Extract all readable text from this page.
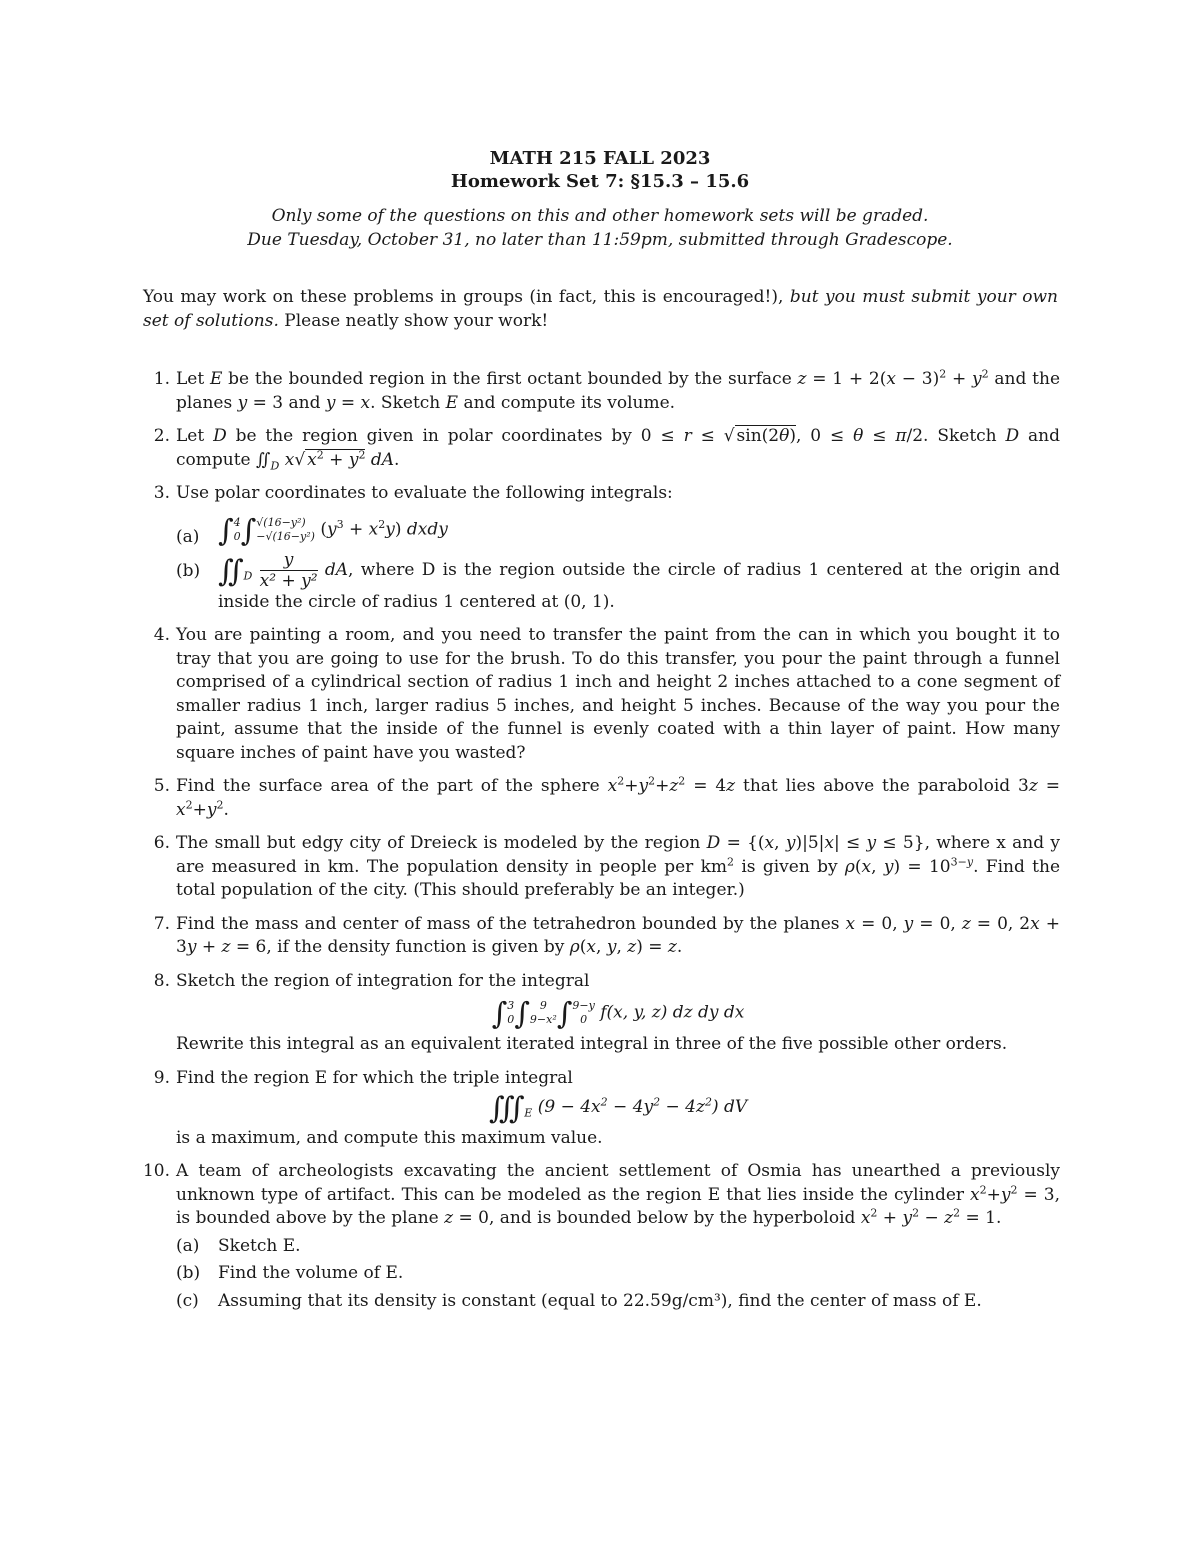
MATH 215 FALL 2023
Homework Set 7: §15.3 – 15.6
Only some of the questions on this and other homework sets will be graded.
Due Tuesday, October 31, no later than 11:59pm, submitted through Gradescope.
You may work on these problems in groups (in fact, this is encouraged!), but you must submit your own set of solutions. Please neatly show your work!
1. Let E be the bounded region in the first octant bounded by the surface $z = 1 + 2(x - 3)^2 + y^2$ and the planes y = 3 and y = x. Sketch E and compute its volume.
2. Let D be the region given in polar coordinates by 0 ≤ r ≤ √ sin(2θ), 0 ≤ θ ≤ π/2. Sketch D and compute $∬_D$ x√ $x^2 + y^2$ dA.
3. Use polar coordinates to evaluate the following integrals:
(a) ∫4
0∫√(16−y²)
−√(16−y²) $(y^3 + x^2y)$ dxdy
(b) $∬_D \frac{y}{\text{x² + y²}}$ dA, where D is the region outside the circle of radius 1 centered at the origin and inside the circle of radius 1 centered at (0, 1).
4. You are painting a room, and you need to transfer the paint from the can in which you bought it to tray that you are going to use for the brush. To do this transfer, you pour the paint through a funnel comprised of a cylindrical section of radius 1 inch and height 2 inches attached to a cone segment of smaller radius 1 inch, larger radius 5 inches, and height 5 inches. Because of the way you pour the paint, assume that the inside of the funnel is evenly coated with a thin layer of paint. How many square inches of paint have you wasted?
5. Find the surface area of the part of the sphere $x^2+y^2+z^2 = 4z$ that lies above the paraboloid $3z = x^2+y^2$.
6. The small but edgy city of Dreieck is modeled by the region D = {(x, y)|5|x| ≤ y ≤ 5}, where x and y are measured in km. The population density in people per $km^2$ is given by ρ(x, $y) = 10^{3-y}$. Find the total population of the city. (This should preferably be an integer.)
7. Find the mass and center of mass of the tetrahedron bounded by the planes x = 0, y = 0, z = 0, 2x + 3y + z = 6, if the density function is given by ρ(x, y, z) = z.
8. Sketch the region of integration for the integral
∫3
0∫ 9
9−x²∫9−y
0 f(x, y, z) dz dy dx
Rewrite this integral as an equivalent iterated integral in three of the five possible other orders.
9. Find the region E for which the triple integral
$∭_E$ $(9 - 4x^2 - 4y^2 - 4z^2)$ dV
is a maximum, and compute this maximum value.
10. A team of archeologists excavating the ancient settlement of Osmia has unearthed a previously unknown type of artifact. This can be modeled as the region E that lies inside the cylinder $x^2+y^2 = 3$, is bounded above by the plane z = 0, and is bounded below by the hyperboloid $x^2 + y^2 - z^2 = 1$.
(a) Sketch E.
(b) Find the volume of E.
(c) Assuming that its density is constant (equal to 22.59g/cm³), find the center of mass of E.
